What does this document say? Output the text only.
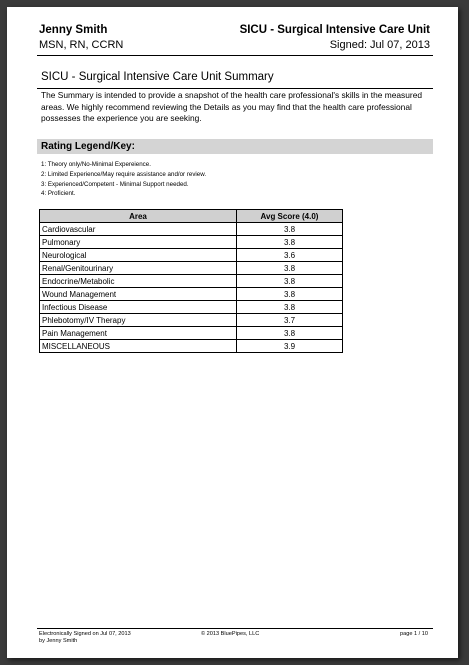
Jenny Smith
MSN, RN, CCRN
SICU - Surgical Intensive Care Unit
Signed: Jul 07, 2013
SICU - Surgical Intensive Care Unit Summary
The Summary is intended to provide a snapshot of the health care professional's skills in the measured areas. We highly recommend reviewing the Details as you may find that the health care professional possesses the experience you are seeking.
Rating Legend/Key:
1: Theory only/No-Minimal Expereience.
2: Limited Experience/May require assistance and/or review.
3: Experienced/Competent - Minimal Support needed.
4: Proficient.
Area	Avg Score (4.0)
Cardiovascular	3.8
Pulmonary	3.8
Neurological	3.6
Renal/Genitourinary	3.8
Endocrine/Metabolic	3.8
Wound Management	3.8
Infectious Disease	3.8
Phlebotomy/IV Therapy	3.7
Pain Management	3.8
MISCELLANEOUS	3.9
Electronically Signed on Jul 07, 2013
by Jenny Smith
© 2013 BluePipes, LLC	page 1 / 10
